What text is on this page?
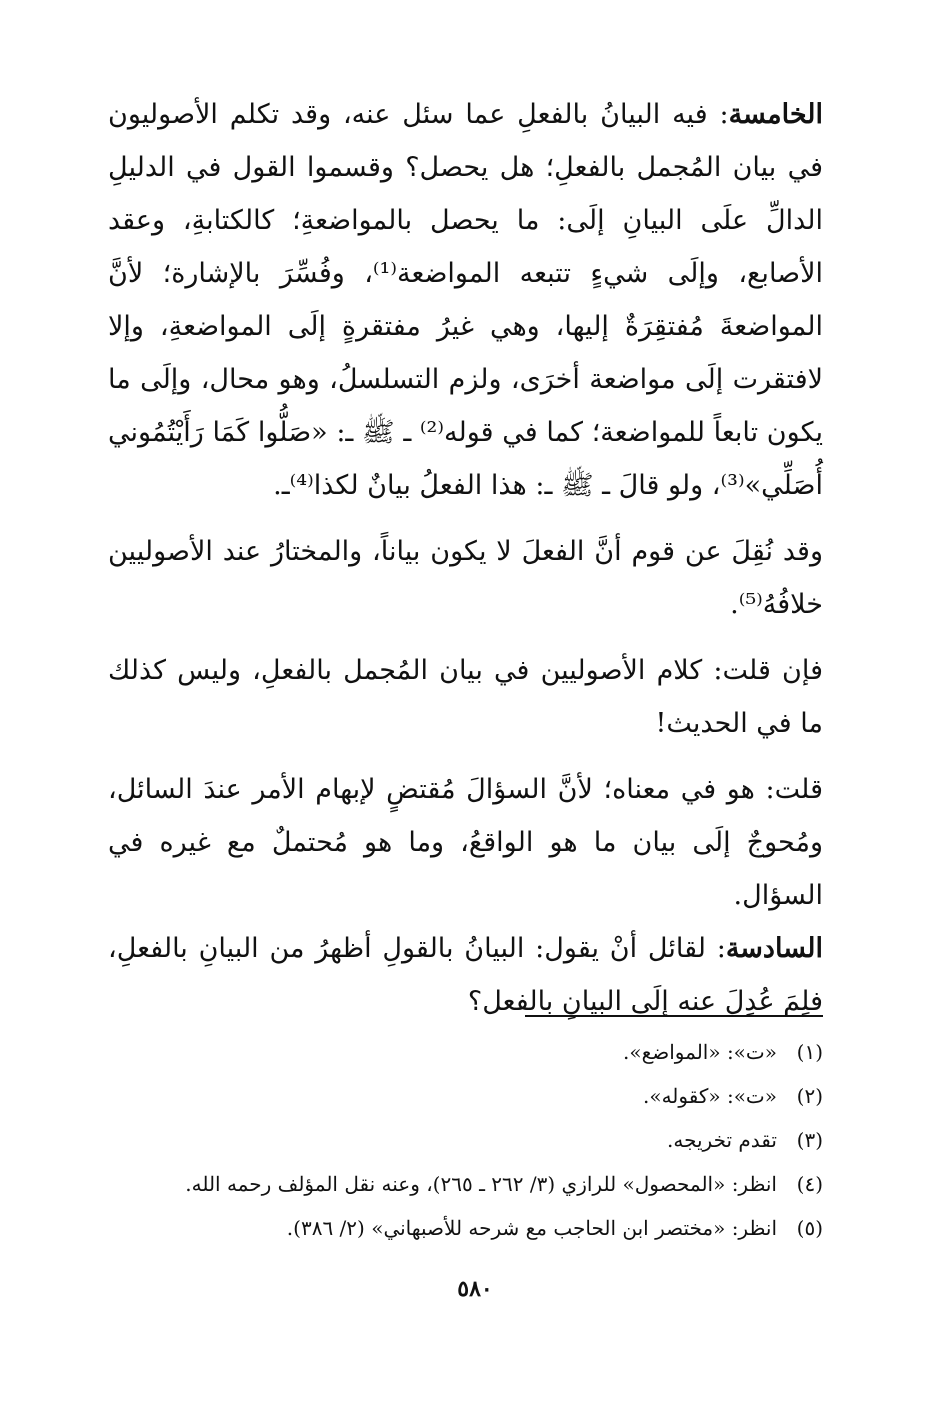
الخامسة: فيه البيانُ بالفعلِ عما سئل عنه، وقد تكلم الأصوليون في بيان المُجمل بالفعلِ؛ هل يحصل؟ وقسموا القول في الدليلِ الدالِّ علَى البيانِ إلَى: ما يحصل بالمواضعةِ؛ كالكتابةِ، وعقد الأصابع، وإلَى شيءٍ تتبعه المواضعة⁽¹⁾، وفُسِّرَ بالإشارة؛ لأنَّ المواضعةَ مُفتقِرَةٌ إليها، وهي غيرُ مفتقرةٍ إلَى المواضعةِ، وإلا لافتقرت إلَى مواضعة أخرَى، ولزم التسلسلُ، وهو محال، وإلَى ما يكون تابعاً للمواضعة؛ كما في قوله⁽²⁾ ـ ﷺ ـ: «صَلُّوا كَمَا رَأَيْتُمُوني أُصَلِّي»⁽³⁾، ولو قالَ ـ ﷺ ـ: هذا الفعلُ بيانٌ لكذا⁽⁴⁾ـ.

وقد نُقِلَ عن قوم أنَّ الفعلَ لا يكون بياناً، والمختارُ عند الأصوليين خلافُهُ⁽⁵⁾.

فإن قلت: كلام الأصوليين في بيان المُجمل بالفعلِ، وليس كذلك ما في الحديث!

قلت: هو في معناه؛ لأنَّ السؤالَ مُقتضٍ لإبهام الأمر عندَ السائل، ومُحوجٌ إلَى بيان ما هو الواقعُ، وما هو مُحتملٌ مع غيره في السؤال.

السادسة: لقائل أنْ يقول: البيانُ بالقولِ أظهرُ من البيانِ بالفعلِ، فلِمَ عُدِلَ عنه إلَى البيانِ بالفعل؟

(١)
«ت»: «المواضع».
(٢)
«ت»: «كقوله».
(٣)
تقدم تخريجه.
(٤)
انظر: «المحصول» للرازي (٣/ ٢٦٢ ـ ٢٦٥)، وعنه نقل المؤلف رحمه الله.
(٥)
انظر: «مختصر ابن الحاجب مع شرحه للأصبهاني» (٢/ ٣٨٦).
٥٨٠
